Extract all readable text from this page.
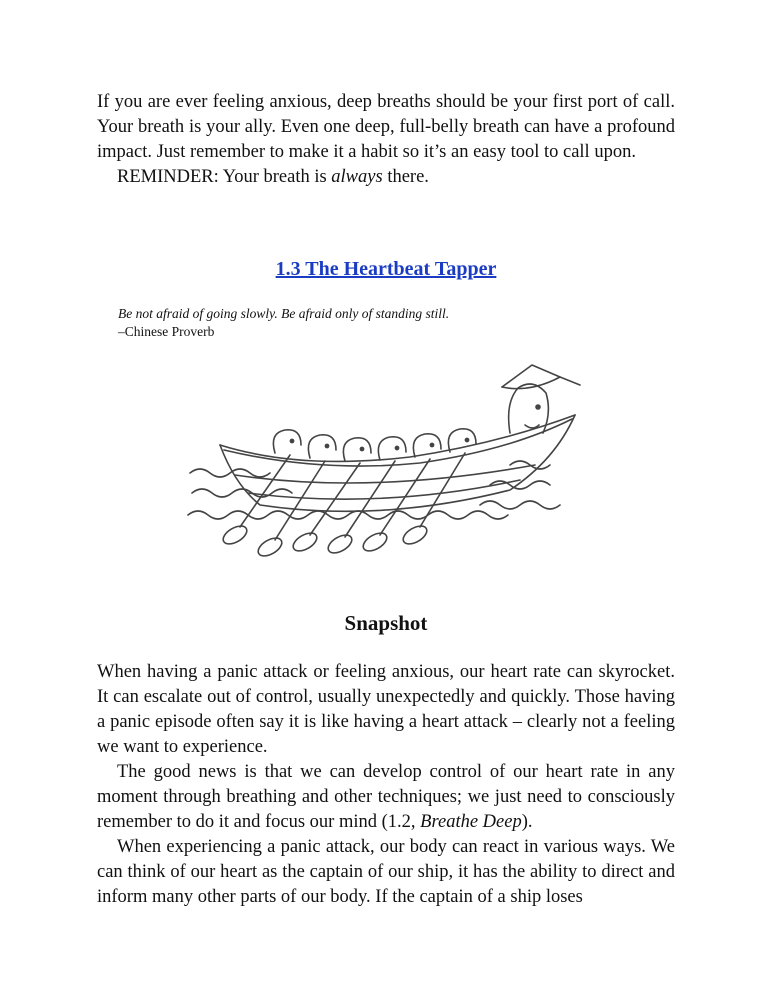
If you are ever feeling anxious, deep breaths should be your first port of call. Your breath is your ally. Even one deep, full-belly breath can have a profound impact. Just remember to make it a habit so it’s an easy tool to call upon.

REMINDER: Your breath is always there.

1.3 The Heartbeat Tapper
Be not afraid of going slowly. Be afraid only of standing still.
–Chinese Proverb
Snapshot

When having a panic attack or feeling anxious, our heart rate can skyrocket. It can escalate out of control, usually unexpectedly and quickly. Those having a panic episode often say it is like having a heart attack – clearly not a feeling we want to experience.

The good news is that we can develop control of our heart rate in any moment through breathing and other techniques; we just need to consciously remember to do it and focus our mind (1.2, Breathe Deep).

When experiencing a panic attack, our body can react in various ways. We can think of our heart as the captain of our ship, it has the ability to direct and inform many other parts of our body. If the captain of a ship loses
